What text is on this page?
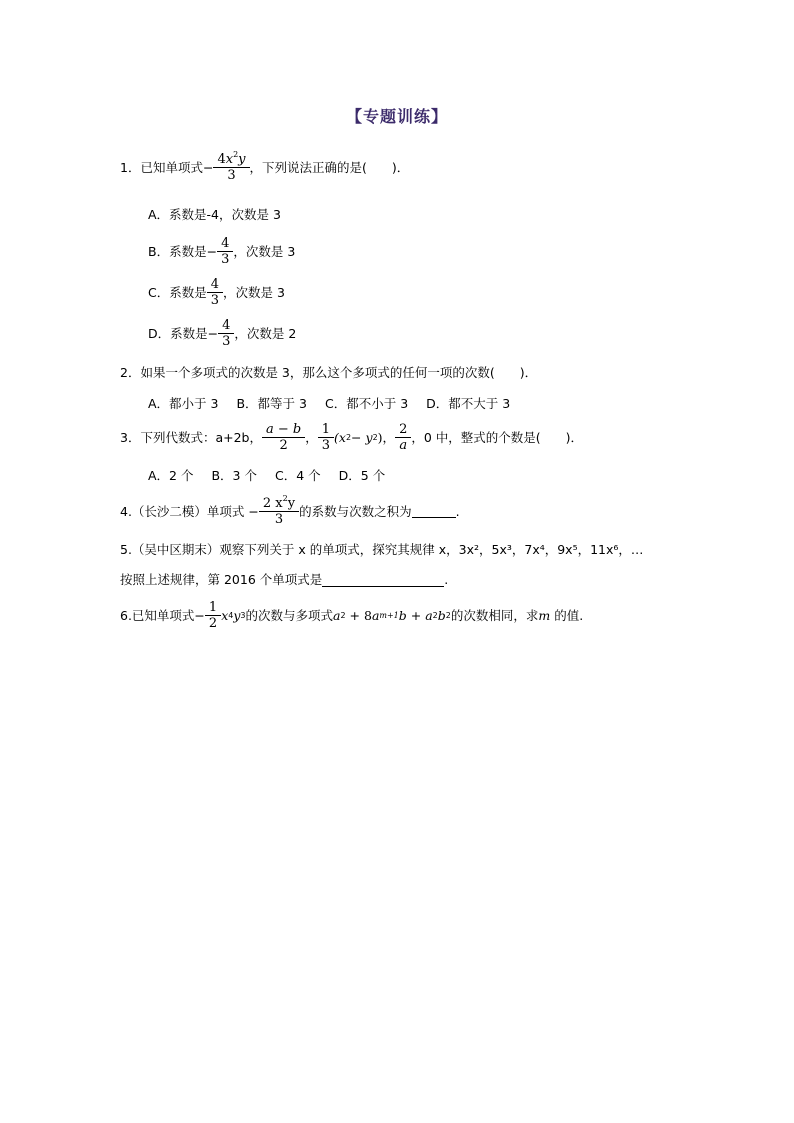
【专题训练】
1．已知单项式− $\frac{4x^2y}{3}$ ，下列说法正确的是(　　)．
A．系数是-4，次数是 3
B．系数是− $\frac{4}{3}$ ，次数是 3
C．系数是 $\frac{4}{3}$ ，次数是 3
D．系数是− $\frac{4}{3}$ ，次数是 2
2．如果一个多项式的次数是 3，那么这个多项式的任何一项的次数(　　)．
A．都小于 3 B．都等于 3 C．都不小于 3 D．都不大于 3
3．下列代数式：a+2b， $\frac{a - b}{2}$ ， $\frac{1}{3} (x$ 2 − y 2 ) ， $\frac{2}{a}$ ，0 中，整式的个数是(　　)．
A．2 个 B．3 个 C．4 个 D．5 个
4.（长沙二模）单项式 − $\frac{2 x^2y}{3}$ 的系数与次数之积为	.
5.（吴中区期末）观察下列关于 x 的单项式，探究其规律 x，3x²，5x³，7x⁴，9x⁵，11x⁶，…
按照上述规律，第 2016 个单项式是	.
6.已知单项式− $\frac{1}{2}$ x 4 y 3 的次数与多项式 a 2 + 8 a m+1 b + a 2 b 2 的次数相同，求 m 的值.
